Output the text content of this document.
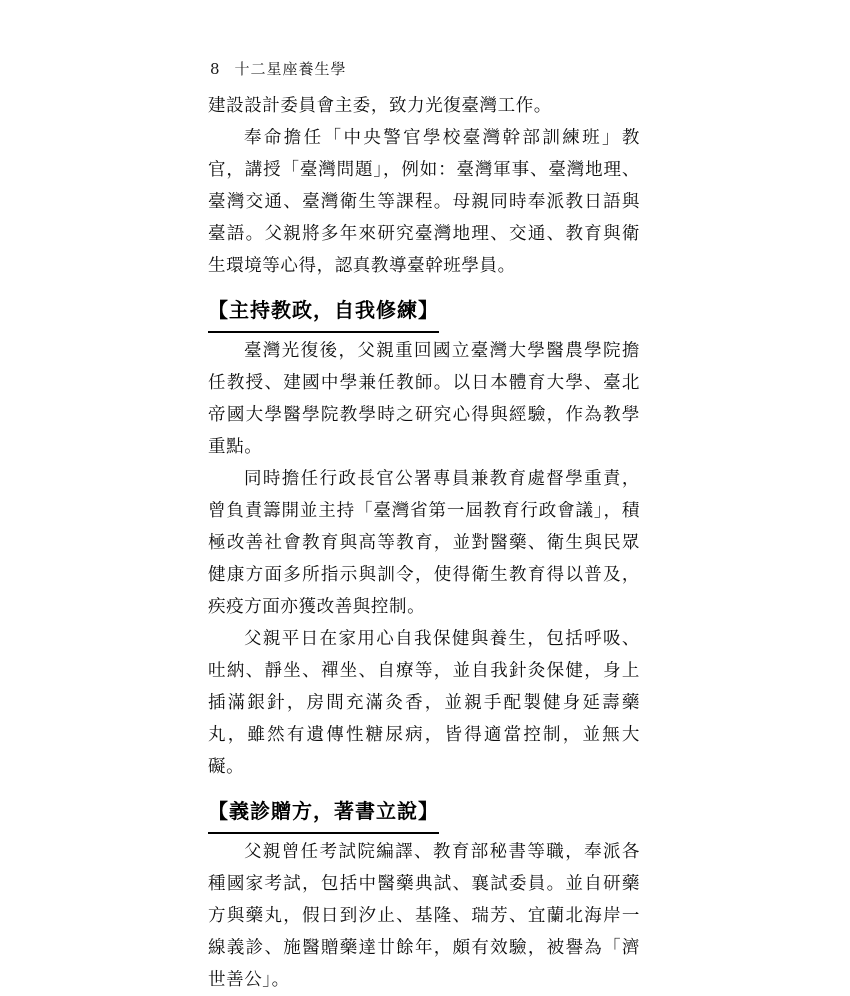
8 十二星座養生學

建設設計委員會主委，致力光復臺灣工作。

奉命擔任「中央警官學校臺灣幹部訓練班」教官，講授「臺灣問題」，例如：臺灣軍事、臺灣地理、臺灣交通、臺灣衛生等課程。母親同時奉派教日語與臺語。父親將多年來研究臺灣地理、交通、教育與衛生環境等心得，認真教導臺幹班學員。

【主持教政，自我修練】

臺灣光復後，父親重回國立臺灣大學醫農學院擔任教授、建國中學兼任教師。以日本體育大學、臺北帝國大學醫學院教學時之研究心得與經驗，作為教學重點。

同時擔任行政長官公署專員兼教育處督學重責，曾負責籌開並主持「臺灣省第一屆教育行政會議」，積極改善社會教育與高等教育，並對醫藥、衛生與民眾健康方面多所指示與訓令，使得衛生教育得以普及，疾疫方面亦獲改善與控制。

父親平日在家用心自我保健與養生，包括呼吸、吐納、靜坐、禪坐、自療等，並自我針灸保健，身上插滿銀針，房間充滿灸香，並親手配製健身延壽藥丸，雖然有遺傳性糖尿病，皆得適當控制，並無大礙。

【義診贈方，著書立說】

父親曾任考試院編譯、教育部秘書等職，奉派各種國家考試，包括中醫藥典試、襄試委員。並自研藥方與藥丸，假日到汐止、基隆、瑞芳、宜蘭北海岸一線義診、施醫贈藥達廿餘年，頗有效驗，被譽為「濟世善公」。
